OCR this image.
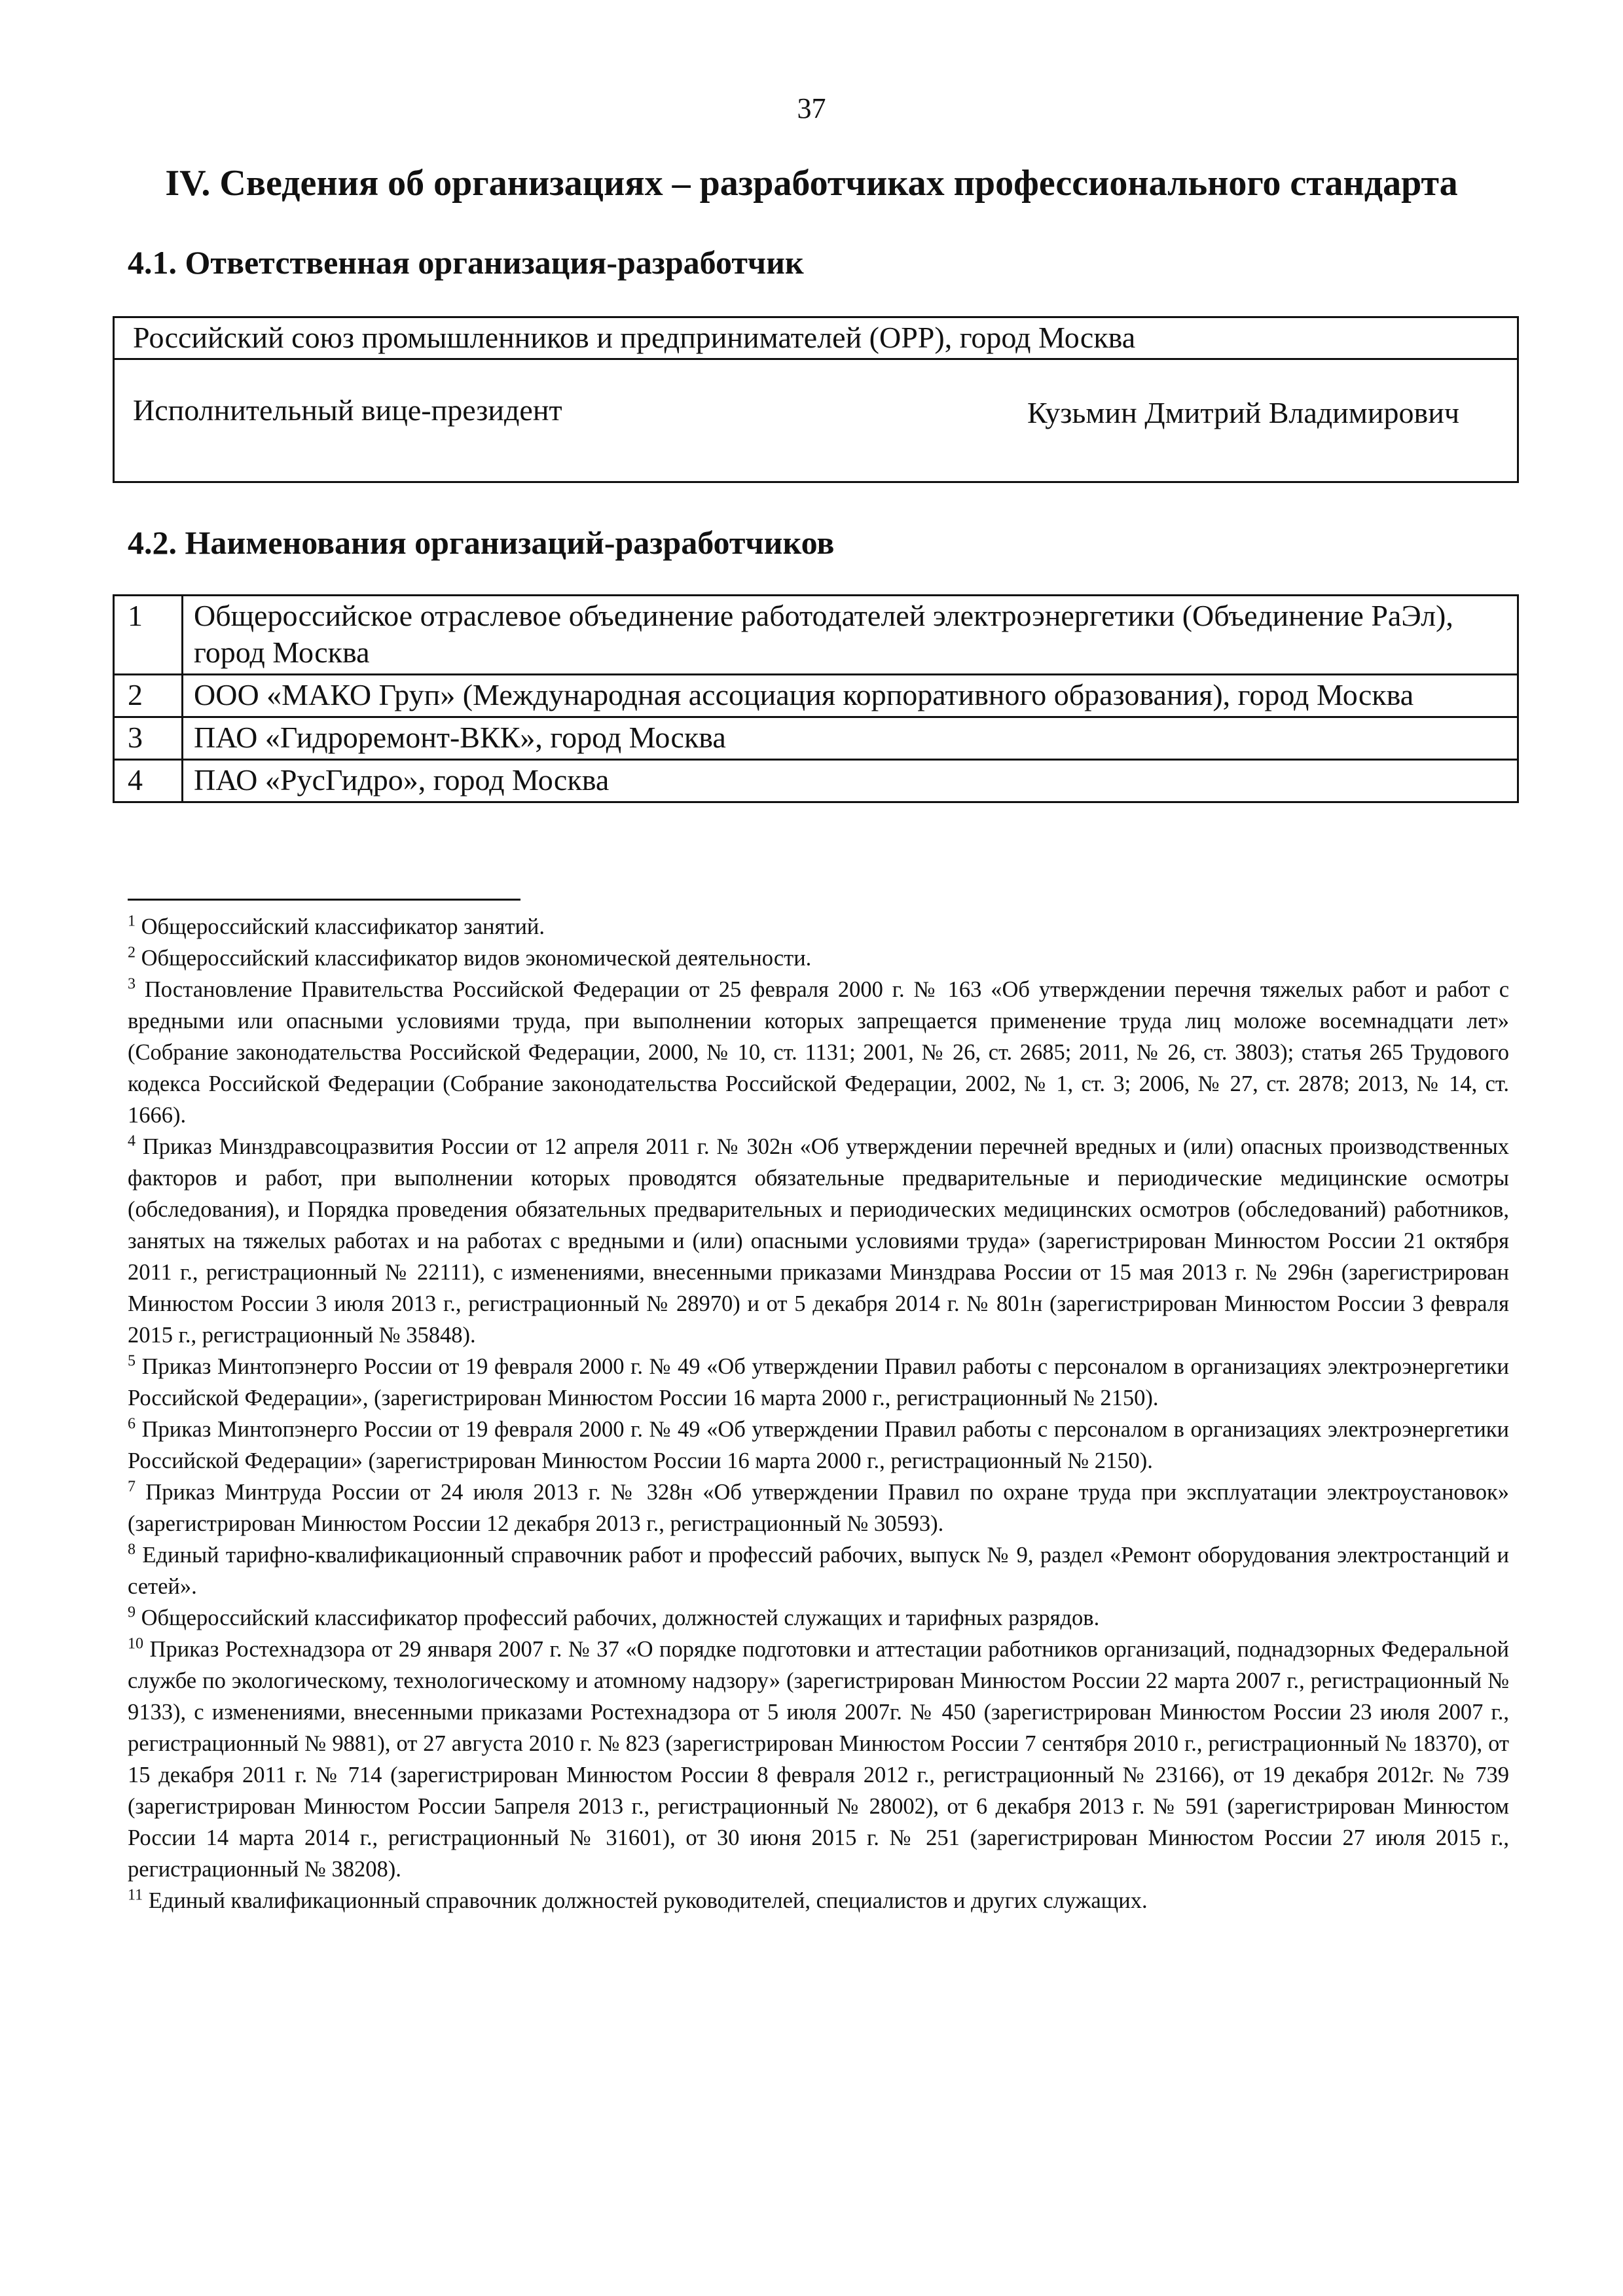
37
IV. Сведения об организациях – разработчиках профессионального стандарта
4.1. Ответственная организация-разработчик
Российский союз промышленников и предпринимателей (ОРР), город Москва
Исполнительный вице-президент	Кузьмин Дмитрий Владимирович
4.2. Наименования организаций-разработчиков
1	Общероссийское отраслевое объединение работодателей электроэнергетики (Объединение РаЭл), город Москва
2	ООО «МАКО Груп» (Международная ассоциация корпоративного образования), город Москва
3	ПАО «Гидроремонт-ВКК», город Москва
4	ПАО «РусГидро», город Москва

$^1$ Общероссийский классификатор занятий.

$^2$ Общероссийский классификатор видов экономической деятельности.

$^3$ Постановление Правительства Российской Федерации от 25 февраля 2000 г. № 163 «Об утверждении перечня тяжелых работ и работ с вредными или опасными условиями труда, при выполнении которых запрещается применение труда лиц моложе восемнадцати лет» (Собрание законодательства Российской Федерации, 2000, № 10, ст. 1131; 2001, № 26, ст. 2685; 2011, № 26, ст. 3803); статья 265 Трудового кодекса Российской Федерации (Собрание законодательства Российской Федерации, 2002, № 1, ст. 3; 2006, № 27, ст. 2878; 2013, № 14, ст. 1666).

$^4$ Приказ Минздравсоцразвития России от 12 апреля 2011 г. № 302н «Об утверждении перечней вредных и (или) опасных производственных факторов и работ, при выполнении которых проводятся обязательные предварительные и периодические медицинские осмотры (обследования), и Порядка проведения обязательных предварительных и периодических медицинских осмотров (обследований) работников, занятых на тяжелых работах и на работах с вредными и (или) опасными условиями труда» (зарегистрирован Минюстом России 21 октября 2011 г., регистрационный № 22111), с изменениями, внесенными приказами Минздрава России от 15 мая 2013 г. № 296н (зарегистрирован Минюстом России 3 июля 2013 г., регистрационный № 28970) и от 5 декабря 2014 г. № 801н (зарегистрирован Минюстом России 3 февраля 2015 г., регистрационный № 35848).

$^5$ Приказ Минтопэнерго России от 19 февраля 2000 г. № 49 «Об утверждении Правил работы с персоналом в организациях электроэнергетики Российской Федерации», (зарегистрирован Минюстом России 16 марта 2000 г., регистрационный № 2150).

$^6$ Приказ Минтопэнерго России от 19 февраля 2000 г. № 49 «Об утверждении Правил работы с персоналом в организациях электроэнергетики Российской Федерации» (зарегистрирован Минюстом России 16 марта 2000 г., регистрационный № 2150).

$^7$ Приказ Минтруда России от 24 июля 2013 г. № 328н «Об утверждении Правил по охране труда при эксплуатации электроустановок» (зарегистрирован Минюстом России 12 декабря 2013 г., регистрационный № 30593).

$^8$ Единый тарифно-квалификационный справочник работ и профессий рабочих, выпуск № 9, раздел «Ремонт оборудования электростанций и сетей».

$^9$ Общероссийский классификатор профессий рабочих, должностей служащих и тарифных разрядов.

$^{10}$ Приказ Ростехнадзора от 29 января 2007 г. № 37 «О порядке подготовки и аттестации работников организаций, поднадзорных Федеральной службе по экологическому, технологическому и атомному надзору» (зарегистрирован Минюстом России 22 марта 2007 г., регистрационный № 9133), с изменениями, внесенными приказами Ростехнадзора от 5 июля 2007г. № 450 (зарегистрирован Минюстом России 23 июля 2007 г., регистрационный № 9881), от 27 августа 2010 г. № 823 (зарегистрирован Минюстом России 7 сентября 2010 г., регистрационный № 18370), от 15 декабря 2011 г. № 714 (зарегистрирован Минюстом России 8 февраля 2012 г., регистрационный № 23166), от 19 декабря 2012г. № 739 (зарегистрирован Минюстом России 5апреля 2013 г., регистрационный № 28002), от 6 декабря 2013 г. № 591 (зарегистрирован Минюстом России 14 марта 2014 г., регистрационный № 31601), от 30 июня 2015 г. № 251 (зарегистрирован Минюстом России 27 июля 2015 г., регистрационный № 38208).

$^{11}$ Единый квалификационный справочник должностей руководителей, специалистов и других служащих.
